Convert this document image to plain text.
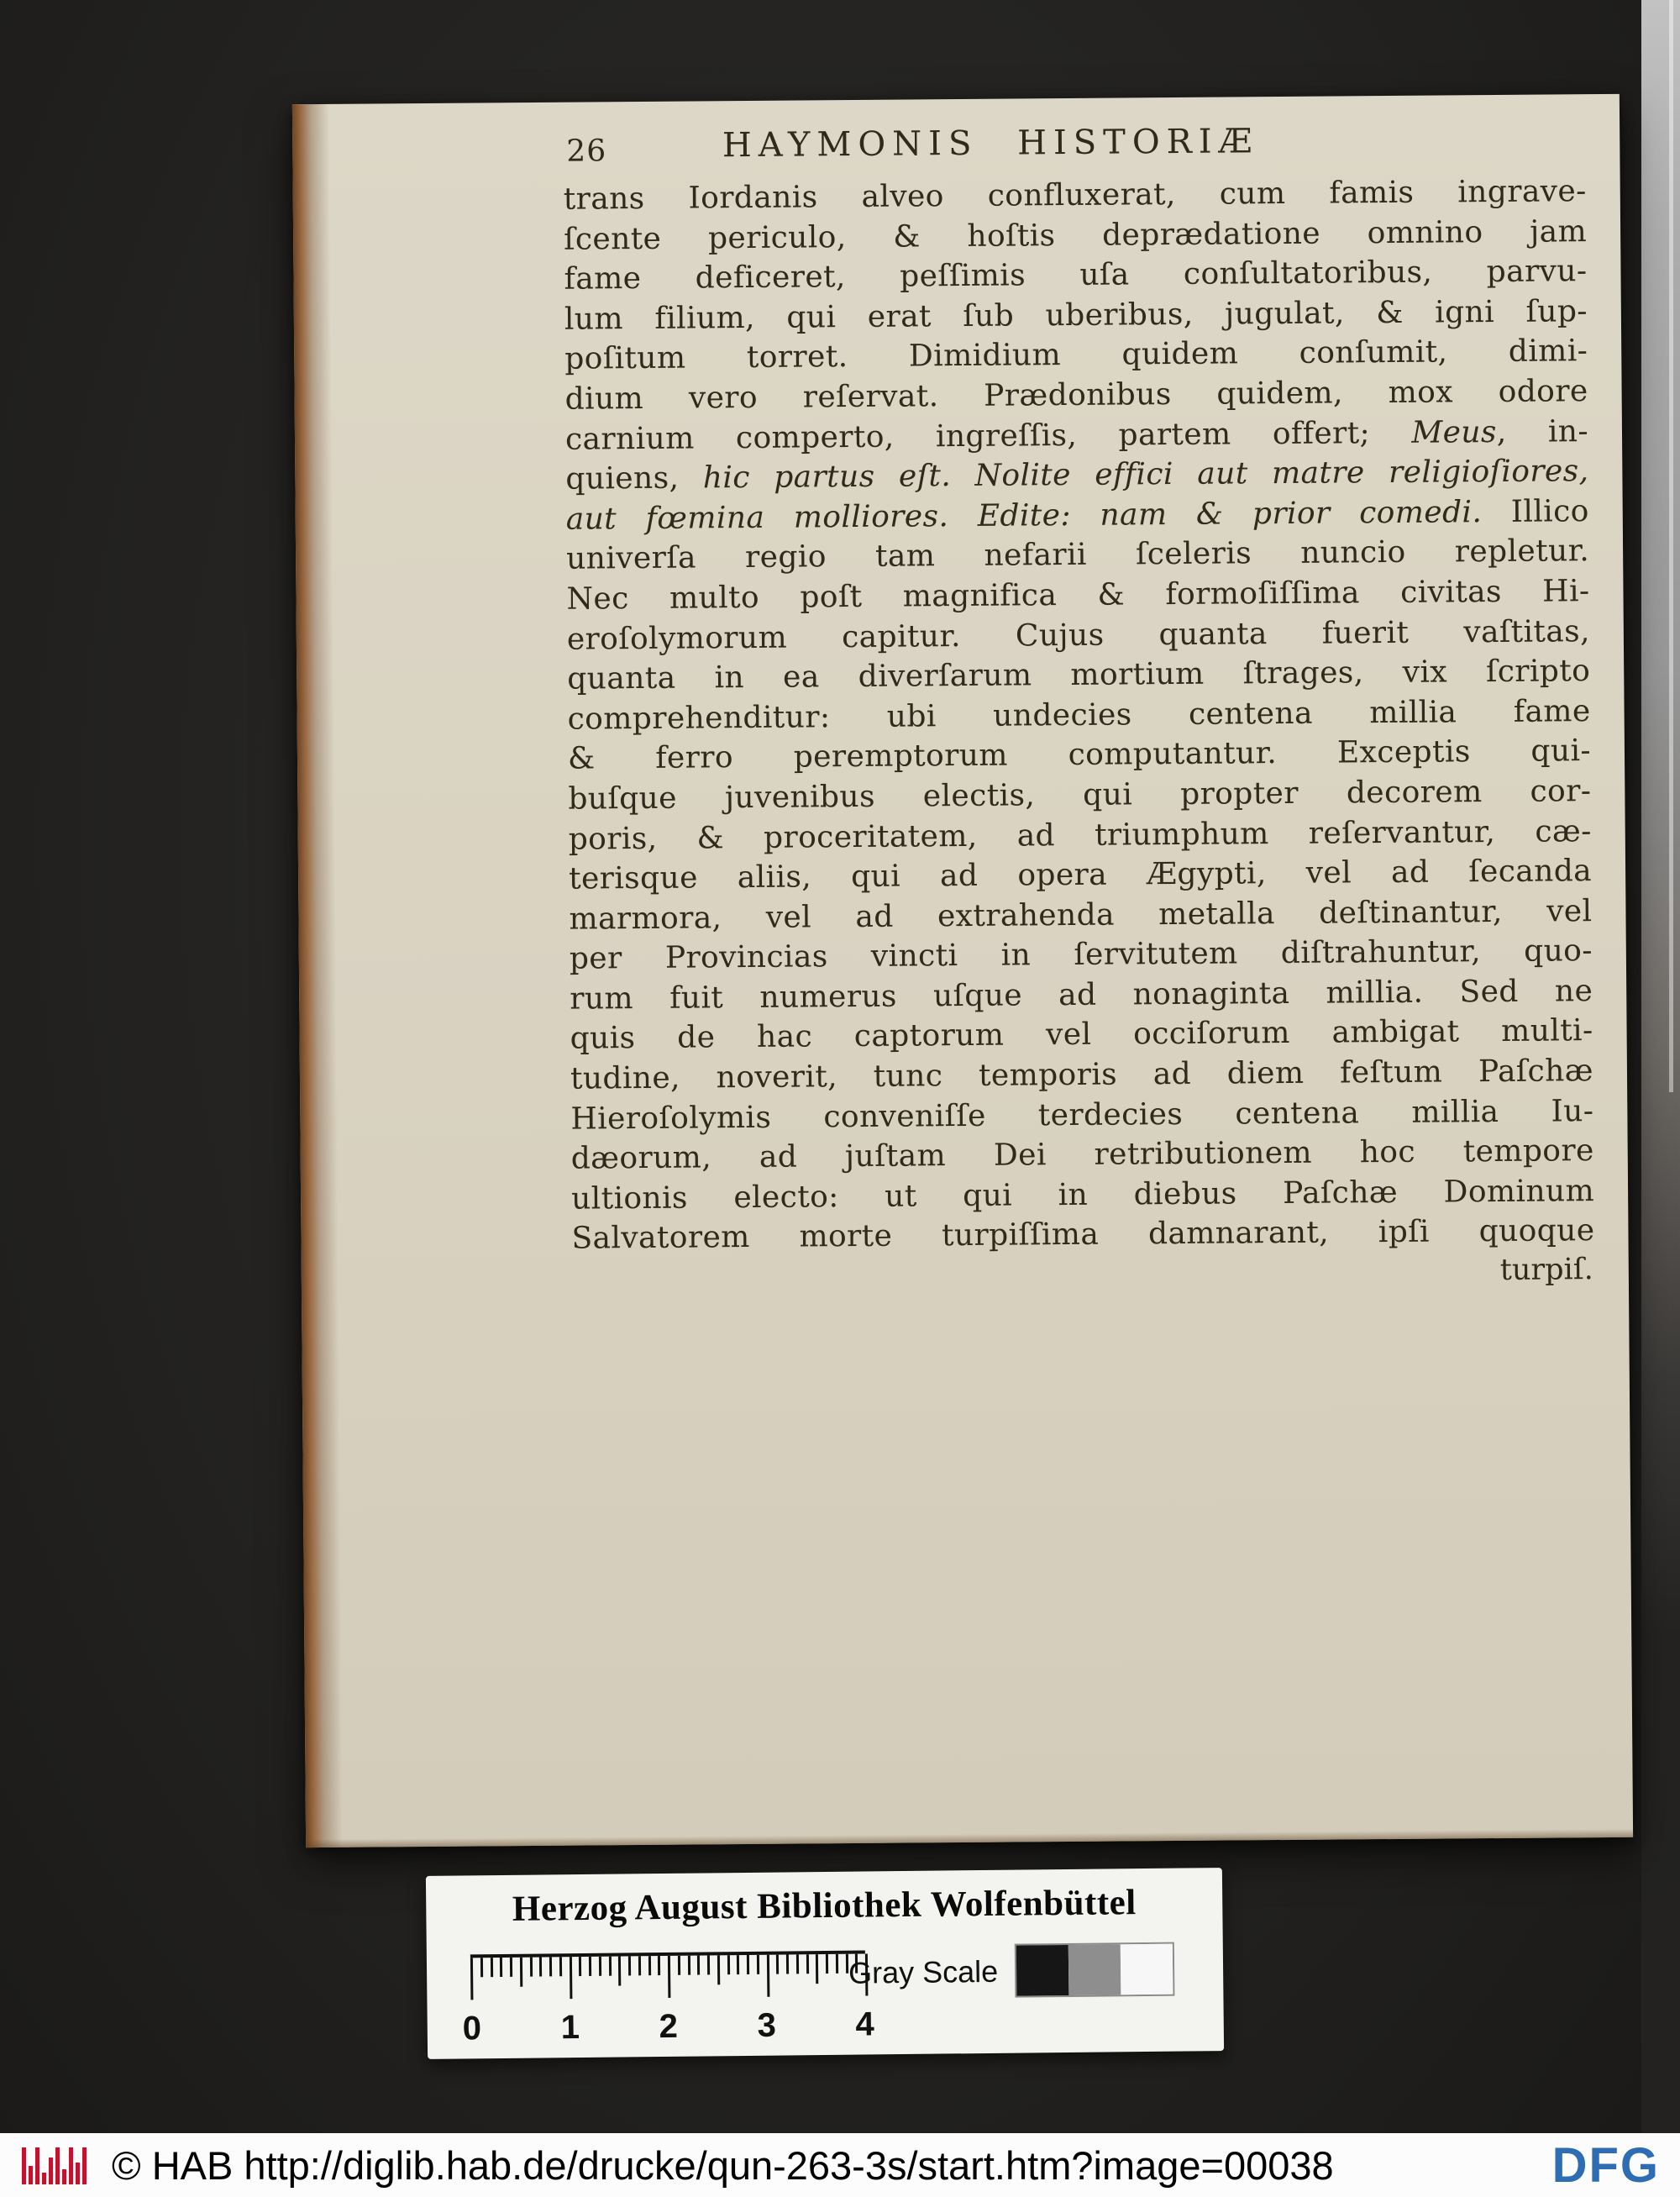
26	HAYMONIS HISTORIÆ
trans Iordanis alveo confluxerat, cum famis ingrave-
ſcente periculo, & hoſtis deprædatione omnino jam
fame deficeret, peſſimis uſa conſultatoribus, parvu-
lum filium, qui erat ſub uberibus, jugulat, & igni ſup-
poſitum torret. Dimidium quidem conſumit, dimi-
dium vero reſervat. Prædonibus quidem, mox odore
carnium comperto, ingreſſis, partem offert; Meus, in-
quiens, hic partus eſt. Nolite effici aut matre religioſiores,
aut fœmina molliores. Edite: nam & prior comedi. Illico
univerſa regio tam nefarii ſceleris nuncio repletur.
Nec multo poſt magnifica & formoſiſſima civitas Hi-
eroſolymorum capitur. Cujus quanta fuerit vaſtitas,
quanta in ea diverſarum mortium ſtrages, vix ſcripto
comprehenditur: ubi undecies centena millia fame
& ferro peremptorum computantur. Exceptis qui-
buſque juvenibus electis, qui propter decorem cor-
poris, & proceritatem, ad triumphum reſervantur, cæ-
terisque aliis, qui ad opera Ægypti, vel ad ſecanda
marmora, vel ad extrahenda metalla deſtinantur, vel
per Provincias vincti in ſervitutem diſtrahuntur, quo-
rum fuit numerus uſque ad nonaginta millia. Sed ne
quis de hac captorum vel occiſorum ambigat multi-
tudine, noverit, tunc temporis ad diem feſtum Paſchæ
Hieroſolymis conveniſſe terdecies centena millia Iu-
dæorum, ad juſtam Dei retributionem hoc tempore
ultionis electo: ut qui in diebus Paſchæ Dominum
Salvatorem morte turpiſſima damnarant, ipſi quoque
turpiſ.
Herzog August Bibliothek Wolfenbüttel
0 1 2 3 4
Gray Scale
© HAB http://diglib.hab.de/drucke/qun-263-3s/start.htm?image=00038	DFG
